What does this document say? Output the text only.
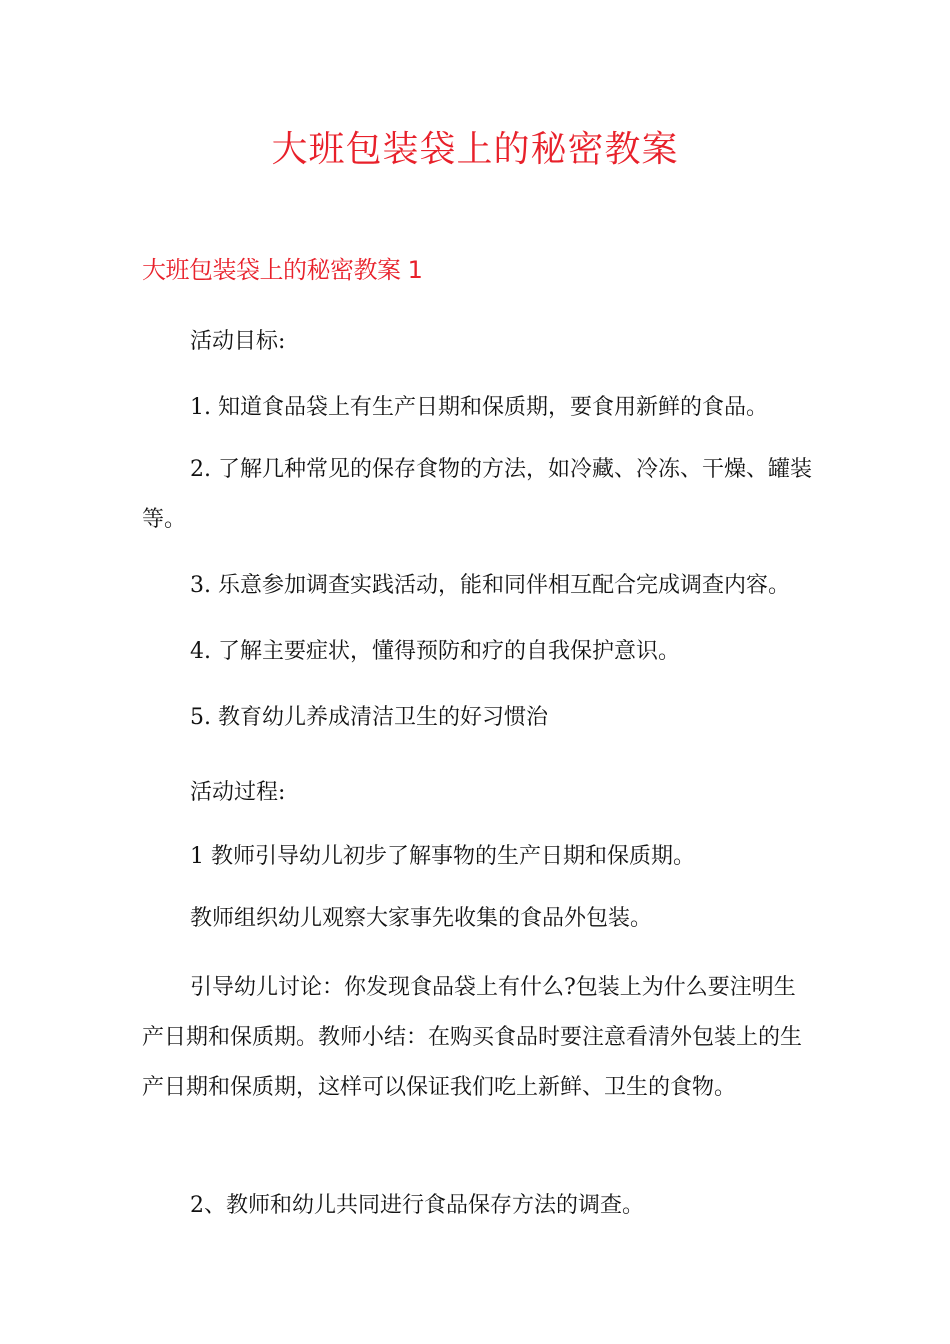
大班包装袋上的秘密教案
大班包装袋上的秘密教案 1

活动目标:

1. 知道食品袋上有生产日期和保质期，要食用新鲜的食品。

2. 了解几种常见的保存食物的方法，如冷藏、冷冻、干燥、罐装等。

3. 乐意参加调查实践活动，能和同伴相互配合完成调查内容。

4. 了解主要症状，懂得预防和疗的自我保护意识。

5. 教育幼儿养成清洁卫生的好习惯治

活动过程:

1 教师引导幼儿初步了解事物的生产日期和保质期。

教师组织幼儿观察大家事先收集的食品外包装。

引导幼儿讨论：你发现食品袋上有什么?包装上为什么要注明生产日期和保质期。教师小结：在购买食品时要注意看清外包装上的生产日期和保质期，这样可以保证我们吃上新鲜、卫生的食物。

2、教师和幼儿共同进行食品保存方法的调查。
